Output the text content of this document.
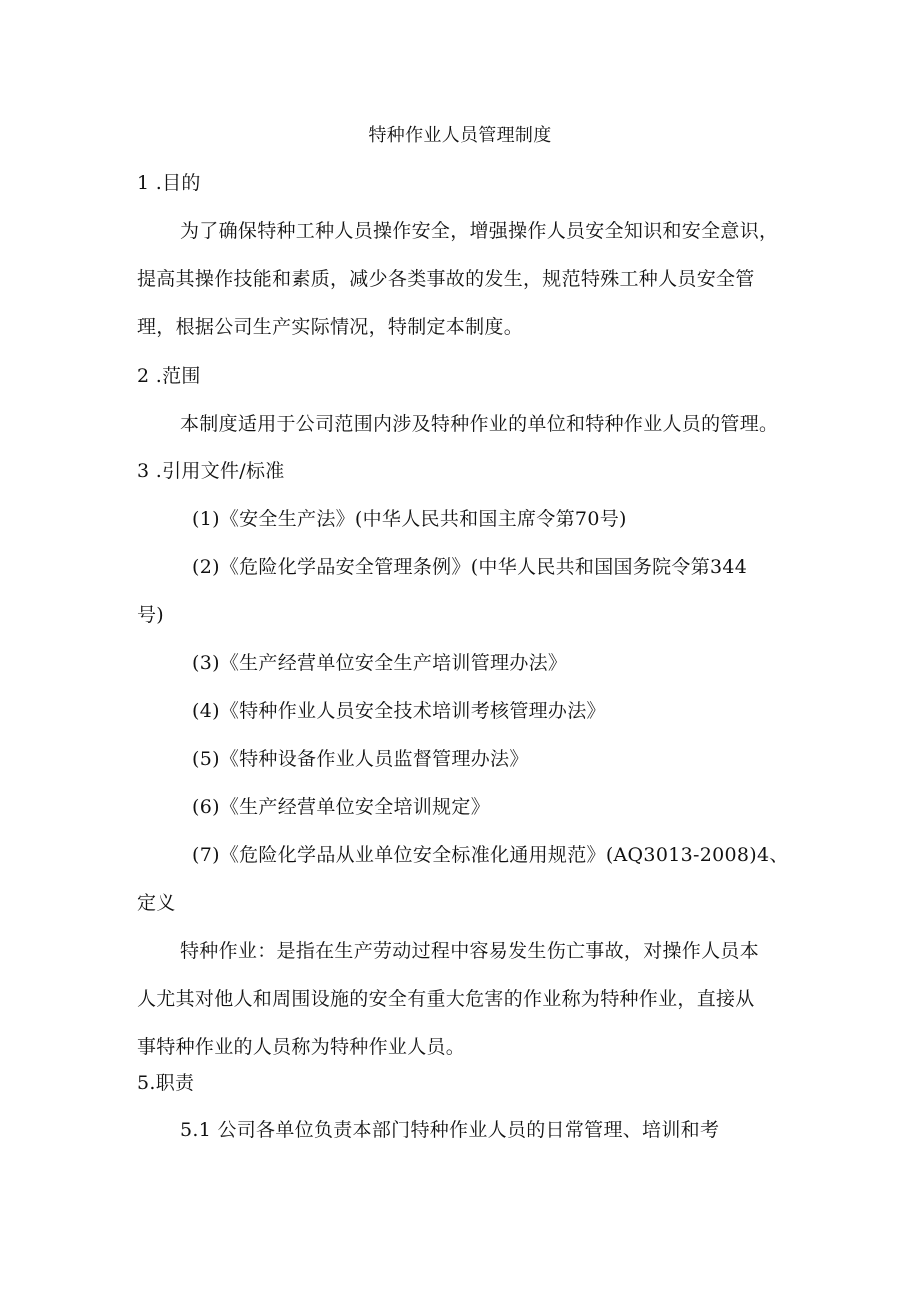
特种作业人员管理制度
1 .目的
为了确保特种工种人员操作安全，增强操作人员安全知识和安全意识，
提高其操作技能和素质，减少各类事故的发生，规范特殊工种人员安全管
理，根据公司生产实际情况，特制定本制度。
2 .范围
本制度适用于公司范围内涉及特种作业的单位和特种作业人员的管理。
3 .引用文件/标准
(1)《安全生产法》(中华人民共和国主席令第70号)
(2)《危险化学品安全管理条例》(中华人民共和国国务院令第344
号)
(3)《生产经营单位安全生产培训管理办法》
(4)《特种作业人员安全技术培训考核管理办法》
(5)《特种设备作业人员监督管理办法》
(6)《生产经营单位安全培训规定》
(7)《危险化学品从业单位安全标准化通用规范》(AQ3013-2008)4、
定义
特种作业：是指在生产劳动过程中容易发生伤亡事故，对操作人员本
人尤其对他人和周围设施的安全有重大危害的作业称为特种作业，直接从
事特种作业的人员称为特种作业人员。
5.职责
5.1 公司各单位负责本部门特种作业人员的日常管理、培训和考
